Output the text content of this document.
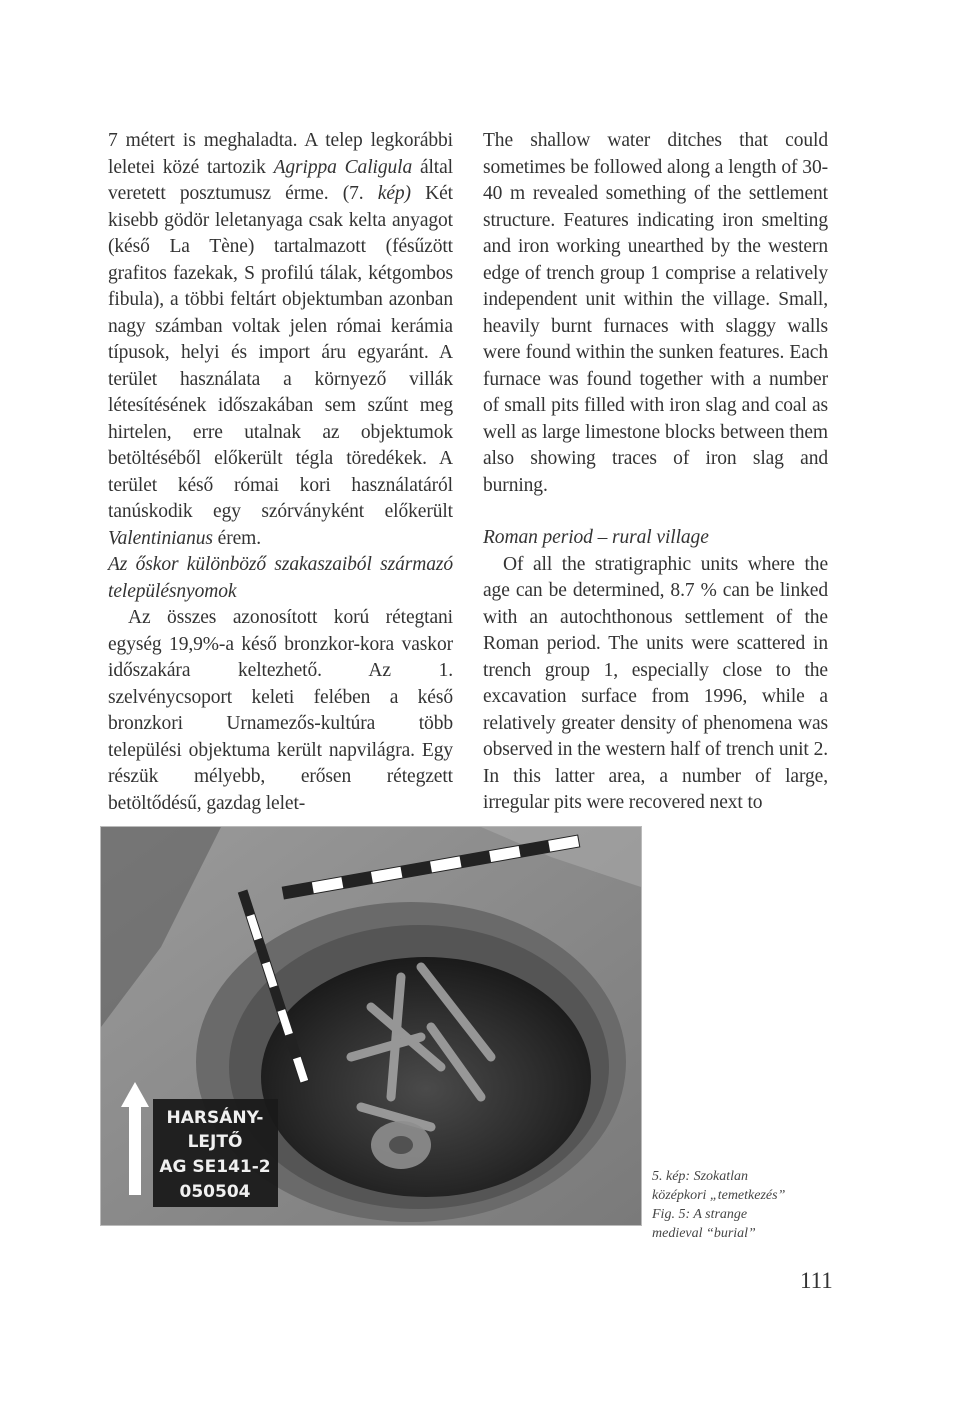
7 métert is meghaladta. A telep legkorábbi leletei közé tartozik Agrippa Caligula által veretett posztumusz érme. (7. kép) Két kisebb gödör leletanyaga csak kelta anyagot (késő La Tène) tartalmazott (fésűzött grafitos fazekak, S profilú tálak, kétgombos fibula), a többi feltárt objektumban azonban nagy számban voltak jelen római kerámia típusok, helyi és import áru egyaránt. A terület használata a környező villák létesítésének időszakában sem szűnt meg hirtelen, erre utalnak az objektumok betöltéséből előkerült tégla töredékek. A terület késő római kori használatáról tanúskodik egy szórványként előkerült Valentinianus érem.

Az őskor különböző szakaszaiból származó településnyomok

Az összes azonosított korú rétegtani egység 19,9%-a késő bronzkor-kora vaskor időszakára keltezhető. Az 1. szelvénycsoport keleti felében a késő bronzkori Urnamezős-kultúra több települési objektuma került napvilágra. Egy részük mélyebb, erősen rétegzett betöltődésű, gazdag lelet-

The shallow water ditches that could sometimes be followed along a length of 30-40 m revealed something of the settlement structure. Features indicating iron smelting and iron working unearthed by the western edge of trench group 1 comprise a relatively independent unit within the village. Small, heavily burnt furnaces with slaggy walls were found within the sunken features. Each furnace was found together with a number of small pits filled with iron slag and coal as well as large limestone blocks between them also showing traces of iron slag and burning.

Roman period – rural village

Of all the stratigraphic units where the age can be determined, 8.7 % can be linked with an autochthonous settlement of the Roman period. The units were scattered in trench group 1, especially close to the excavation surface from 1996, while a relatively greater density of phenomena was observed in the western half of trench unit 2. In this latter area, a number of large, irregular pits were recovered next to

HARSÁNY-
LEJTŐ
AG SE141-2
050504
5. kép: Szokatlan
középkori „temetkezés”
Fig. 5: A strange
medieval “burial”
111
